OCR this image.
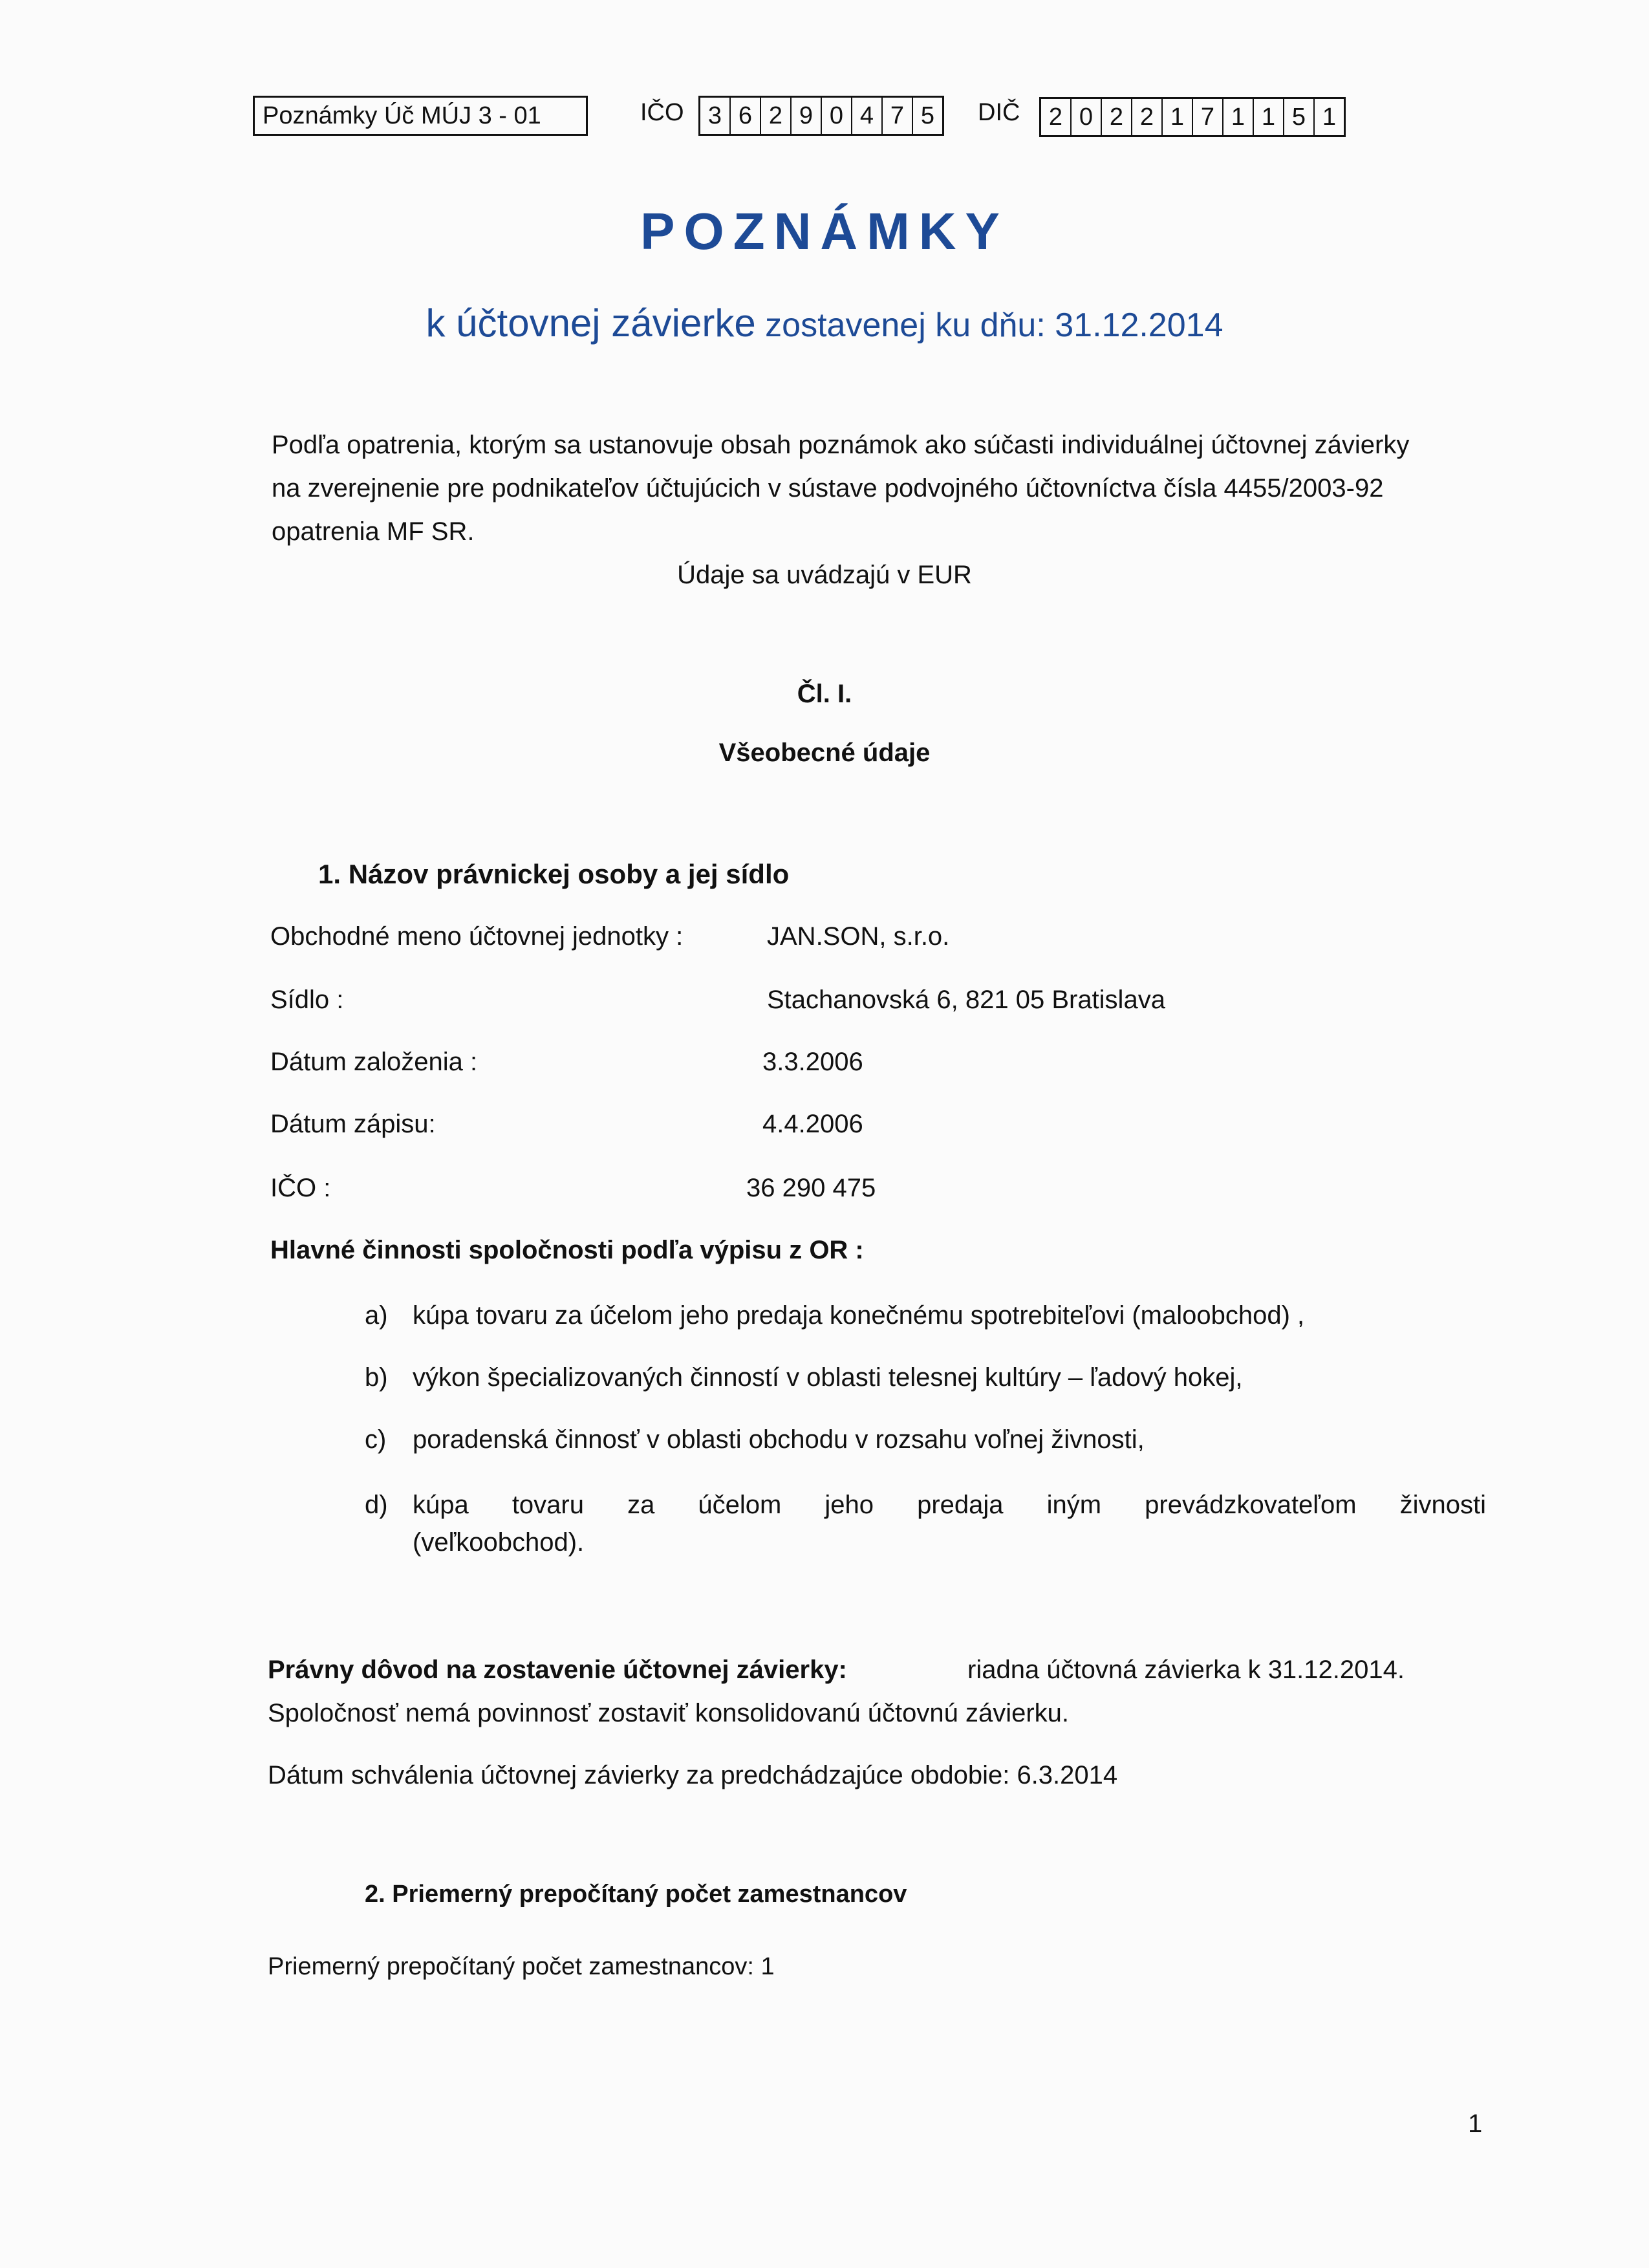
Poznámky Úč MÚJ 3 - 01	IČO 3 6 2 9 0 4 7 5	DIČ	2 0 2 2 1 7 1 1 5 1
POZNÁMKY
k účtovnej závierke zostavenej ku dňu: 31.12.2014
Podľa opatrenia, ktorým sa ustanovuje obsah poznámok ako súčasti individuálnej účtovnej závierky
na zverejnenie pre podnikateľov účtujúcich v sústave podvojného účtovníctva čísla 4455/2003-92
opatrenia MF SR.
Údaje sa uvádzajú v EUR
Čl. I.
Všeobecné údaje
1. Názov právnickej osoby a jej sídlo
Obchodné meno účtovnej jednotky :	JAN.SON, s.r.o.
Sídlo :	Stachanovská 6, 821 05 Bratislava
Dátum založenia :	3.3.2006
Dátum zápisu:	4.4.2006
IČO :	36 290 475
Hlavné činnosti spoločnosti podľa výpisu z OR :
a) kúpa tovaru za účelom jeho predaja konečnému spotrebiteľovi (maloobchod) ,
b) výkon špecializovaných činností v oblasti telesnej kultúry – ľadový hokej,
c) poradenská činnosť v oblasti obchodu v rozsahu voľnej živnosti,
d) kúpa tovaru za účelom jeho predaja iným prevádzkovateľom živnosti
(veľkoobchod).
Právny dôvod na zostavenie účtovnej závierky:	riadna účtovná závierka k 31.12.2014.
Spoločnosť nemá povinnosť zostaviť konsolidovanú účtovnú závierku.
Dátum schválenia účtovnej závierky za predchádzajúce obdobie: 6.3.2014
2. Priemerný prepočítaný počet zamestnancov
Priemerný prepočítaný počet zamestnancov: 1
1
